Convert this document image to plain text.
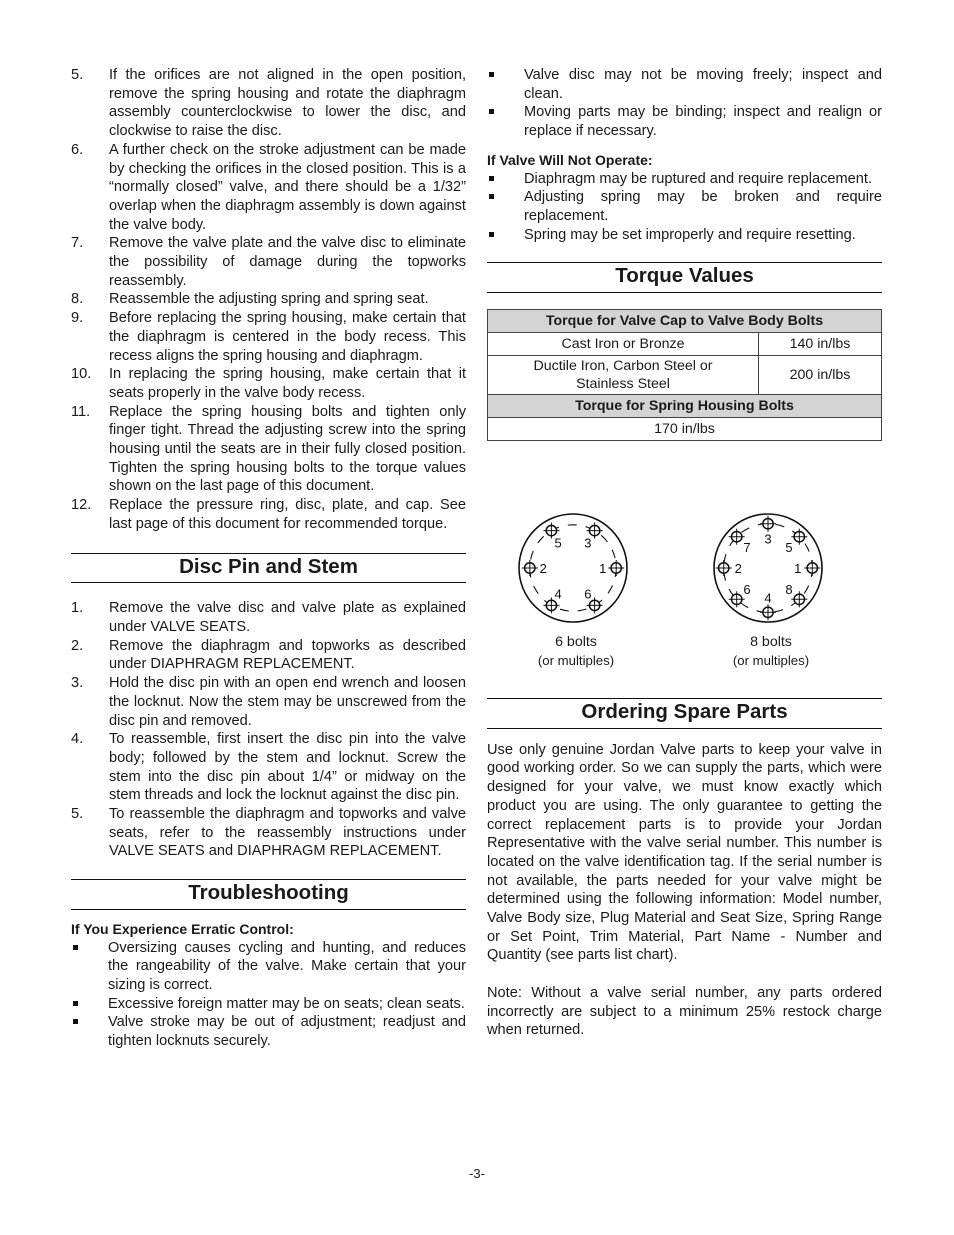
5. If the orifices are not aligned in the open position, remove the spring housing and rotate the diaphragm assembly counterclockwise to lower the disc, and clockwise to raise the disc.
6. A further check on the stroke adjustment can be made by checking the orifices in the closed position. This is a “normally closed” valve, and there should be a 1/32” overlap when the diaphragm assembly is down against the valve body.
7. Remove the valve plate and the valve disc to eliminate the possibility of damage during the topworks reassembly.
8. Reassemble the adjusting spring and spring seat.
9. Before replacing the spring housing, make certain that the diaphragm is centered in the body recess. This recess aligns the spring housing and diaphragm.
10. In replacing the spring housing, make certain that it seats properly in the valve body recess.
11. Replace the spring housing bolts and tighten only finger tight. Thread the adjusting screw into the spring housing until the seats are in their fully closed position. Tighten the spring housing bolts to the torque values shown on the last page of this document.
12. Replace the pressure ring, disc, plate, and cap. See last page of this document for recommended torque.
Disc Pin and Stem
1. Remove the valve disc and valve plate as explained under VALVE SEATS.
2. Remove the diaphragm and topworks as described under DIAPHRAGM REPLACEMENT.
3. Hold the disc pin with an open end wrench and loosen the locknut. Now the stem may be unscrewed from the disc pin and removed.
4. To reassemble, first insert the disc pin into the valve body; followed by the stem and locknut. Screw the stem into the disc pin about 1/4” or midway on the stem threads and lock the locknut against the disc pin.
5. To reassemble the diaphragm and topworks and valve seats, refer to the reassembly instructions under VALVE SEATS and DIAPHRAGM REPLACEMENT.
Troubleshooting
If You Experience Erratic Control:
Oversizing causes cycling and hunting, and reduces the rangeability of the valve. Make certain that your sizing is correct.
Excessive foreign matter may be on seats; clean seats.
Valve stroke may be out of adjustment; readjust and tighten locknuts securely.
Valve disc may not be moving freely; inspect and clean.
Moving parts may be binding; inspect and realign or replace if necessary.
If Valve Will Not Operate:
Diaphragm may be ruptured and require replacement.
Adjusting spring may be broken and require replacement.
Spring may be set improperly and require resetting.
Torque Values
Torque for Valve Cap to Valve Body Bolts	
Cast Iron or Bronze	140 in/lbs
Ductile Iron, Carbon Steel or Stainless Steel	200 in/lbs
Torque for Spring Housing Bolts	
170 in/lbs	
1
2
3
4
5
6
1
2
3
4
5
6
7
8
6 bolts
(or multiples)
8 bolts
(or multiples)
Ordering Spare Parts

Use only genuine Jordan Valve parts to keep your valve in good working order. So we can supply the parts, which were designed for your valve, we must know exactly which product you are using. The only guarantee to getting the correct replacement parts is to provide your Jordan Representative with the valve serial number. This number is located on the valve identification tag. If the serial number is not available, the parts needed for your valve might be determined using the following information: Model number, Valve Body size, Plug Material and Seat Size, Spring Range or Set Point, Trim Material, Part Name - Number and Quantity (see parts list chart).

Note: Without a valve serial number, any parts ordered incorrectly are subject to a minimum 25% restock charge when returned.

-3-
